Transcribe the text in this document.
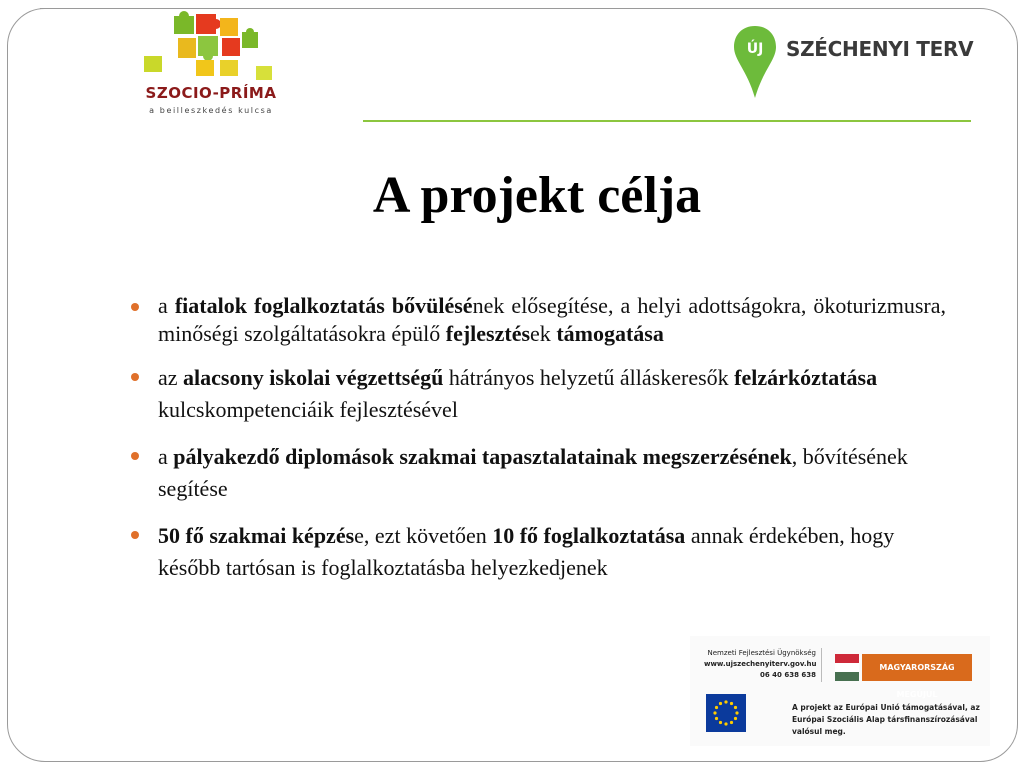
SZOCIO-PRÍMA
a beilleszkedés kulcsa
ÚJ SZÉCHENYI TERV
A projekt célja
a fiatalok foglalkoztatás bővülésének elősegítése, a helyi adottságokra, ökoturizmusra, minőségi szolgáltatásokra épülő fejlesztések támogatása
az alacsony iskolai végzettségű hátrányos helyzetű álláskeresők felzárkóztatása kulcskompetenciáik fejlesztésével
a pályakezdő diplomások szakmai tapasztalatainak megszerzésének, bővítésének segítése
50 fő szakmai képzése, ezt követően 10 fő foglalkoztatása annak érdekében, hogy később tartósan is foglalkoztatásba helyezkedjenek
Nemzeti Fejlesztési Ügynökség
www.ujszechenyiterv.gov.hu
06 40 638 638
MAGYARORSZÁG MEGÚJUL
A projekt az Európai Unió támogatásával, az Európai Szociális Alap társfinanszírozásával valósul meg.
